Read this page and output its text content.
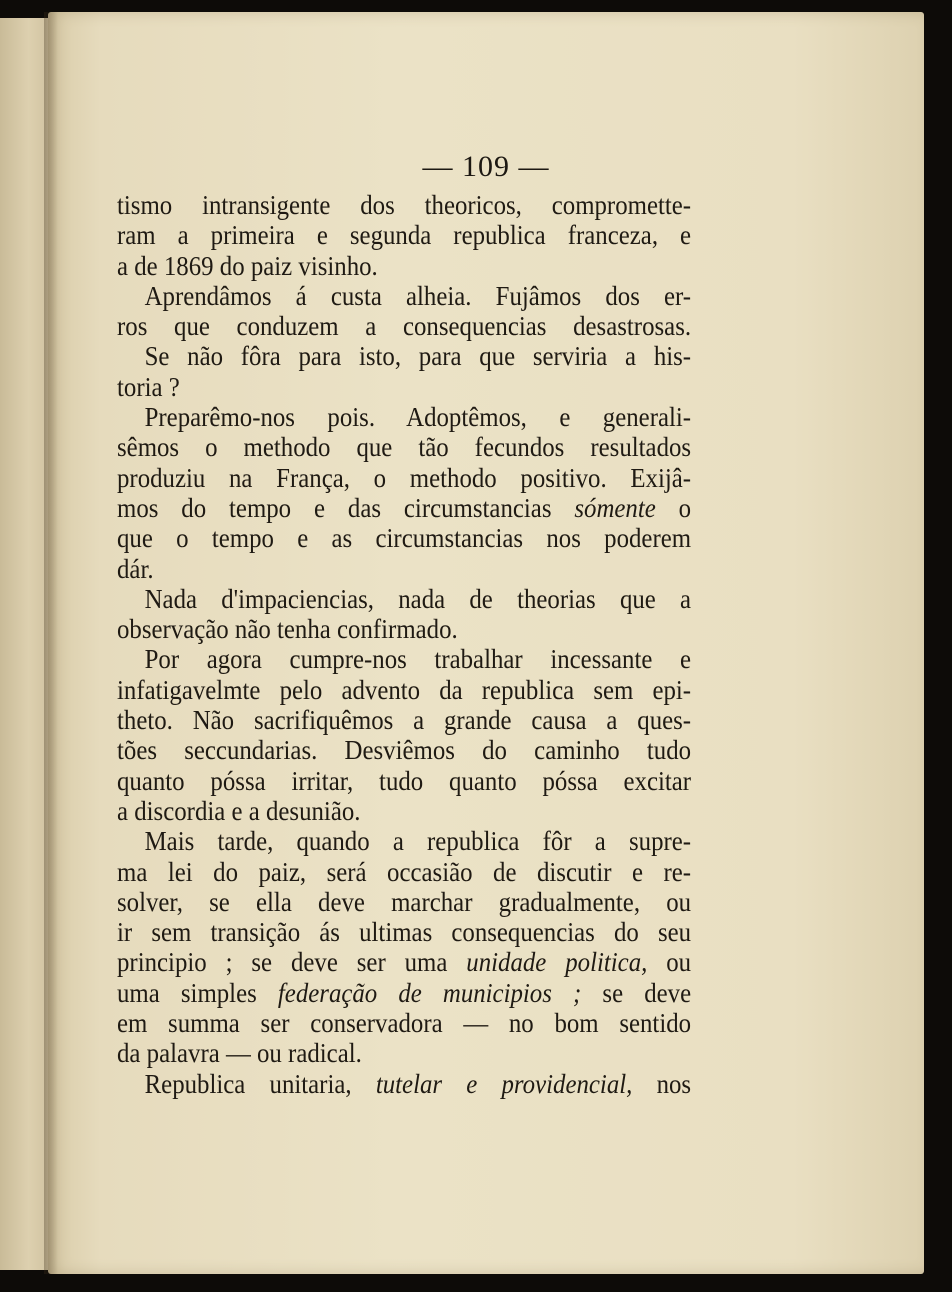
— 109 —

tismo intransigente dos theoricos, compromette-
ram a primeira e segunda republica franceza, e
a de 1869 do paiz visinho.

Aprendâmos á custa alheia. Fujâmos dos er-
ros que conduzem a consequencias desastrosas.

Se não fôra para isto, para que serviria a his-
toria ?

Preparêmo-nos pois. Adoptêmos, e generali-
sêmos o methodo que tão fecundos resultados
produziu na França, o methodo positivo. Exijâ-
mos do tempo e das circumstancias sómente o
que o tempo e as circumstancias nos poderem
dár.

Nada d'impaciencias, nada de theorias que a
observação não tenha confirmado.

Por agora cumpre-nos trabalhar incessante e
infatigavelmte pelo advento da republica sem epi-
theto. Não sacrifiquêmos a grande causa a ques-
tões seccundarias. Desviêmos do caminho tudo
quanto póssa irritar, tudo quanto póssa excitar
a discordia e a desunião.

Mais tarde, quando a republica fôr a supre-
ma lei do paiz, será occasião de discutir e re-
solver, se ella deve marchar gradualmente, ou
ir sem transição ás ultimas consequencias do seu
principio ; se deve ser uma unidade politica, ou
uma simples federação de municipios ; se deve
em summa ser conservadora — no bom sentido
da palavra — ou radical.

Republica unitaria, tutelar e providencial, nos
